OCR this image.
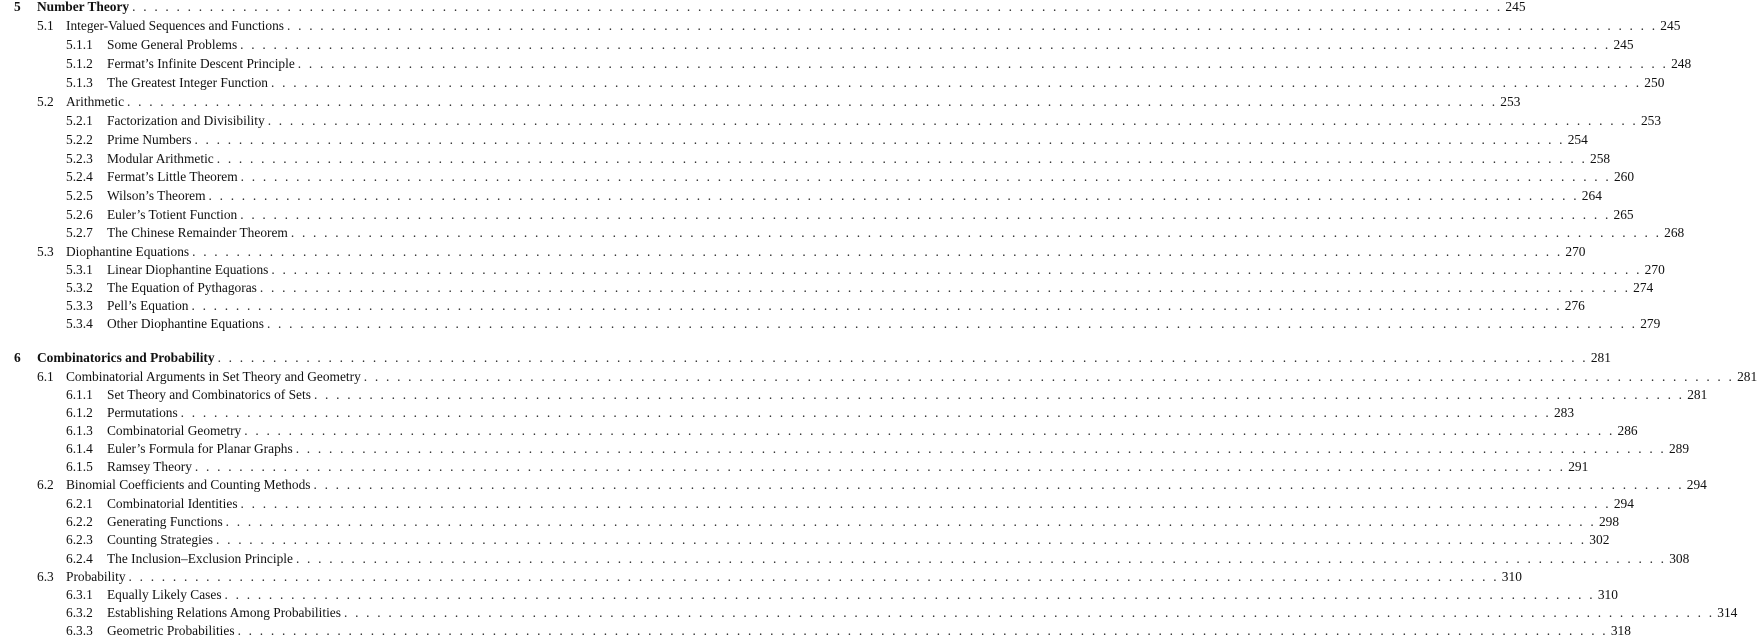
5 Number Theory . . . . . . . . . . . . . . . . . . . . . . . . . . . . . . . . . . . . . . . . . . . . . . . . . . . . . . . . . . . . . . . . . . . . . . . . . . . . . . . . . . . . . . . . . . . . . . . . . . . . . . . . . . . . . . . . . . . . . . . . . . . . 245
5.1 Integer-Valued Sequences and Functions . . . . . . . . . . . . . . . . . . . . . . . . . . . . . . . . . . . . . . . . . . . . . . . . . . . . . . . . . . . . . . . . . . . . . . . . . . . . . . . . . . . . . . . . . . . . . . . . . . . . . . . . . . . . . . . . . . . . . . . . . . . . 245
5.1.1 Some General Problems . . . . . . . . . . . . . . . . . . . . . . . . . . . . . . . . . . . . . . . . . . . . . . . . . . . . . . . . . . . . . . . . . . . . . . . . . . . . . . . . . . . . . . . . . . . . . . . . . . . . . . . . . . . . . . . . . . . . . . . . . . . . 245
5.1.2 Fermat’s Infinite Descent Principle . . . . . . . . . . . . . . . . . . . . . . . . . . . . . . . . . . . . . . . . . . . . . . . . . . . . . . . . . . . . . . . . . . . . . . . . . . . . . . . . . . . . . . . . . . . . . . . . . . . . . . . . . . . . . . . . . . . . . . . . . . . . 248
5.1.3 The Greatest Integer Function . . . . . . . . . . . . . . . . . . . . . . . . . . . . . . . . . . . . . . . . . . . . . . . . . . . . . . . . . . . . . . . . . . . . . . . . . . . . . . . . . . . . . . . . . . . . . . . . . . . . . . . . . . . . . . . . . . . . . . . . . . . . 250
5.2 Arithmetic . . . . . . . . . . . . . . . . . . . . . . . . . . . . . . . . . . . . . . . . . . . . . . . . . . . . . . . . . . . . . . . . . . . . . . . . . . . . . . . . . . . . . . . . . . . . . . . . . . . . . . . . . . . . . . . . . . . . . . . . . . . . 253
5.2.1 Factorization and Divisibility . . . . . . . . . . . . . . . . . . . . . . . . . . . . . . . . . . . . . . . . . . . . . . . . . . . . . . . . . . . . . . . . . . . . . . . . . . . . . . . . . . . . . . . . . . . . . . . . . . . . . . . . . . . . . . . . . . . . . . . . . . . . 253
5.2.2 Prime Numbers . . . . . . . . . . . . . . . . . . . . . . . . . . . . . . . . . . . . . . . . . . . . . . . . . . . . . . . . . . . . . . . . . . . . . . . . . . . . . . . . . . . . . . . . . . . . . . . . . . . . . . . . . . . . . . . . . . . . . . . . . . . . 254
5.2.3 Modular Arithmetic . . . . . . . . . . . . . . . . . . . . . . . . . . . . . . . . . . . . . . . . . . . . . . . . . . . . . . . . . . . . . . . . . . . . . . . . . . . . . . . . . . . . . . . . . . . . . . . . . . . . . . . . . . . . . . . . . . . . . . . . . . . . 258
5.2.4 Fermat’s Little Theorem . . . . . . . . . . . . . . . . . . . . . . . . . . . . . . . . . . . . . . . . . . . . . . . . . . . . . . . . . . . . . . . . . . . . . . . . . . . . . . . . . . . . . . . . . . . . . . . . . . . . . . . . . . . . . . . . . . . . . . . . . . . . 260
5.2.5 Wilson’s Theorem . . . . . . . . . . . . . . . . . . . . . . . . . . . . . . . . . . . . . . . . . . . . . . . . . . . . . . . . . . . . . . . . . . . . . . . . . . . . . . . . . . . . . . . . . . . . . . . . . . . . . . . . . . . . . . . . . . . . . . . . . . . . 264
5.2.6 Euler’s Totient Function . . . . . . . . . . . . . . . . . . . . . . . . . . . . . . . . . . . . . . . . . . . . . . . . . . . . . . . . . . . . . . . . . . . . . . . . . . . . . . . . . . . . . . . . . . . . . . . . . . . . . . . . . . . . . . . . . . . . . . . . . . . . 265
5.2.7 The Chinese Remainder Theorem . . . . . . . . . . . . . . . . . . . . . . . . . . . . . . . . . . . . . . . . . . . . . . . . . . . . . . . . . . . . . . . . . . . . . . . . . . . . . . . . . . . . . . . . . . . . . . . . . . . . . . . . . . . . . . . . . . . . . . . . . . . . 268
5.3 Diophantine Equations . . . . . . . . . . . . . . . . . . . . . . . . . . . . . . . . . . . . . . . . . . . . . . . . . . . . . . . . . . . . . . . . . . . . . . . . . . . . . . . . . . . . . . . . . . . . . . . . . . . . . . . . . . . . . . . . . . . . . . . . . . . . 270
5.3.1 Linear Diophantine Equations . . . . . . . . . . . . . . . . . . . . . . . . . . . . . . . . . . . . . . . . . . . . . . . . . . . . . . . . . . . . . . . . . . . . . . . . . . . . . . . . . . . . . . . . . . . . . . . . . . . . . . . . . . . . . . . . . . . . . . . . . . . . 270
5.3.2 The Equation of Pythagoras . . . . . . . . . . . . . . . . . . . . . . . . . . . . . . . . . . . . . . . . . . . . . . . . . . . . . . . . . . . . . . . . . . . . . . . . . . . . . . . . . . . . . . . . . . . . . . . . . . . . . . . . . . . . . . . . . . . . . . . . . . . . 274
5.3.3 Pell’s Equation . . . . . . . . . . . . . . . . . . . . . . . . . . . . . . . . . . . . . . . . . . . . . . . . . . . . . . . . . . . . . . . . . . . . . . . . . . . . . . . . . . . . . . . . . . . . . . . . . . . . . . . . . . . . . . . . . . . . . . . . . . . . 276
5.3.4 Other Diophantine Equations . . . . . . . . . . . . . . . . . . . . . . . . . . . . . . . . . . . . . . . . . . . . . . . . . . . . . . . . . . . . . . . . . . . . . . . . . . . . . . . . . . . . . . . . . . . . . . . . . . . . . . . . . . . . . . . . . . . . . . . . . . . . 279
6 Combinatorics and Probability . . . . . . . . . . . . . . . . . . . . . . . . . . . . . . . . . . . . . . . . . . . . . . . . . . . . . . . . . . . . . . . . . . . . . . . . . . . . . . . . . . . . . . . . . . . . . . . . . . . . . . . . . . . . . . . . . . . . . . . . . . . . 281
6.1 Combinatorial Arguments in Set Theory and Geometry . . . . . . . . . . . . . . . . . . . . . . . . . . . . . . . . . . . . . . . . . . . . . . . . . . . . . . . . . . . . . . . . . . . . . . . . . . . . . . . . . . . . . . . . . . . . . . . . . . . . . . . . . . . . . . . . . . . . . . . . . . . . 281
6.1.1 Set Theory and Combinatorics of Sets . . . . . . . . . . . . . . . . . . . . . . . . . . . . . . . . . . . . . . . . . . . . . . . . . . . . . . . . . . . . . . . . . . . . . . . . . . . . . . . . . . . . . . . . . . . . . . . . . . . . . . . . . . . . . . . . . . . . . . . . . . . . 281
6.1.2 Permutations . . . . . . . . . . . . . . . . . . . . . . . . . . . . . . . . . . . . . . . . . . . . . . . . . . . . . . . . . . . . . . . . . . . . . . . . . . . . . . . . . . . . . . . . . . . . . . . . . . . . . . . . . . . . . . . . . . . . . . . . . . . . 283
6.1.3 Combinatorial Geometry . . . . . . . . . . . . . . . . . . . . . . . . . . . . . . . . . . . . . . . . . . . . . . . . . . . . . . . . . . . . . . . . . . . . . . . . . . . . . . . . . . . . . . . . . . . . . . . . . . . . . . . . . . . . . . . . . . . . . . . . . . . . 286
6.1.4 Euler’s Formula for Planar Graphs . . . . . . . . . . . . . . . . . . . . . . . . . . . . . . . . . . . . . . . . . . . . . . . . . . . . . . . . . . . . . . . . . . . . . . . . . . . . . . . . . . . . . . . . . . . . . . . . . . . . . . . . . . . . . . . . . . . . . . . . . . . . 289
6.1.5 Ramsey Theory . . . . . . . . . . . . . . . . . . . . . . . . . . . . . . . . . . . . . . . . . . . . . . . . . . . . . . . . . . . . . . . . . . . . . . . . . . . . . . . . . . . . . . . . . . . . . . . . . . . . . . . . . . . . . . . . . . . . . . . . . . . . 291
6.2 Binomial Coefficients and Counting Methods . . . . . . . . . . . . . . . . . . . . . . . . . . . . . . . . . . . . . . . . . . . . . . . . . . . . . . . . . . . . . . . . . . . . . . . . . . . . . . . . . . . . . . . . . . . . . . . . . . . . . . . . . . . . . . . . . . . . . . . . . . . . 294
6.2.1 Combinatorial Identities . . . . . . . . . . . . . . . . . . . . . . . . . . . . . . . . . . . . . . . . . . . . . . . . . . . . . . . . . . . . . . . . . . . . . . . . . . . . . . . . . . . . . . . . . . . . . . . . . . . . . . . . . . . . . . . . . . . . . . . . . . . . 294
6.2.2 Generating Functions . . . . . . . . . . . . . . . . . . . . . . . . . . . . . . . . . . . . . . . . . . . . . . . . . . . . . . . . . . . . . . . . . . . . . . . . . . . . . . . . . . . . . . . . . . . . . . . . . . . . . . . . . . . . . . . . . . . . . . . . . . . . 298
6.2.3 Counting Strategies . . . . . . . . . . . . . . . . . . . . . . . . . . . . . . . . . . . . . . . . . . . . . . . . . . . . . . . . . . . . . . . . . . . . . . . . . . . . . . . . . . . . . . . . . . . . . . . . . . . . . . . . . . . . . . . . . . . . . . . . . . . . 302
6.2.4 The Inclusion–Exclusion Principle . . . . . . . . . . . . . . . . . . . . . . . . . . . . . . . . . . . . . . . . . . . . . . . . . . . . . . . . . . . . . . . . . . . . . . . . . . . . . . . . . . . . . . . . . . . . . . . . . . . . . . . . . . . . . . . . . . . . . . . . . . . . 308
6.3 Probability . . . . . . . . . . . . . . . . . . . . . . . . . . . . . . . . . . . . . . . . . . . . . . . . . . . . . . . . . . . . . . . . . . . . . . . . . . . . . . . . . . . . . . . . . . . . . . . . . . . . . . . . . . . . . . . . . . . . . . . . . . . . 310
6.3.1 Equally Likely Cases . . . . . . . . . . . . . . . . . . . . . . . . . . . . . . . . . . . . . . . . . . . . . . . . . . . . . . . . . . . . . . . . . . . . . . . . . . . . . . . . . . . . . . . . . . . . . . . . . . . . . . . . . . . . . . . . . . . . . . . . . . . . 310
6.3.2 Establishing Relations Among Probabilities . . . . . . . . . . . . . . . . . . . . . . . . . . . . . . . . . . . . . . . . . . . . . . . . . . . . . . . . . . . . . . . . . . . . . . . . . . . . . . . . . . . . . . . . . . . . . . . . . . . . . . . . . . . . . . . . . . . . . . . . . . . . 314
6.3.3 Geometric Probabilities . . . . . . . . . . . . . . . . . . . . . . . . . . . . . . . . . . . . . . . . . . . . . . . . . . . . . . . . . . . . . . . . . . . . . . . . . . . . . . . . . . . . . . . . . . . . . . . . . . . . . . . . . . . . . . . . . . . . . . . . . . . . 318
